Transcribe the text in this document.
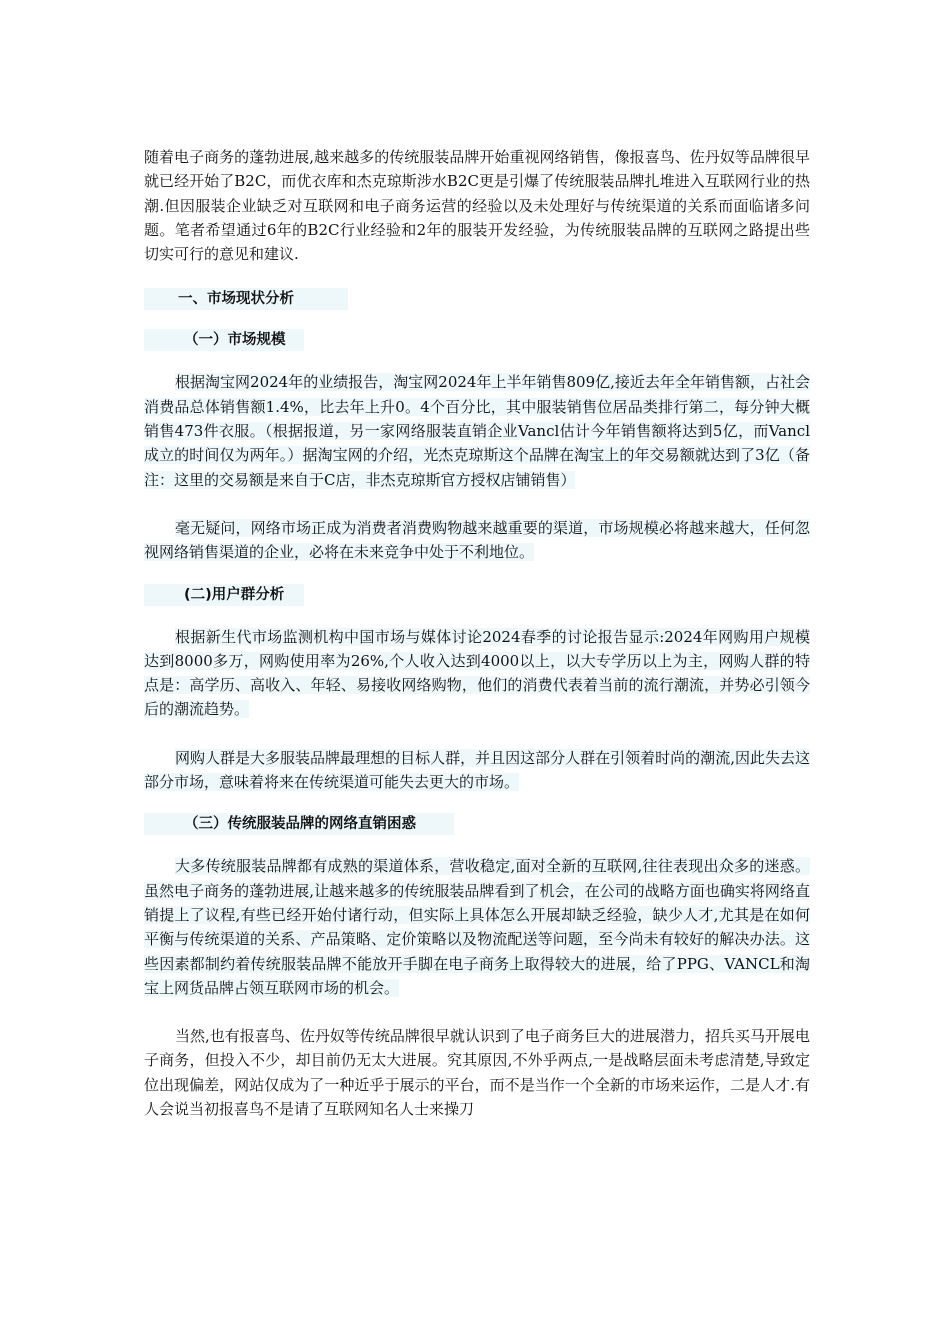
随着电子商务的蓬勃进展,越来越多的传统服装品牌开始重视网络销售，像报喜鸟、佐丹奴等品牌很早就已经开始了B2C，而优衣库和杰克琼斯涉水B2C更是引爆了传统服装品牌扎堆进入互联网行业的热潮.但因服装企业缺乏对互联网和电子商务运营的经验以及未处理好与传统渠道的关系而面临诸多问题。笔者希望通过6年的B2C行业经验和2年的服装开发经验，为传统服装品牌的互联网之路提出些切实可行的意见和建议.

一、市场现状分析

（一）市场规模

根据淘宝网2024年的业绩报告，淘宝网2024年上半年销售809亿,接近去年全年销售额，占社会消费品总体销售额1.4%，比去年上升0。4个百分比，其中服装销售位居品类排行第二，每分钟大概销售473件衣服。（根据报道，另一家网络服装直销企业Vancl估计今年销售额将达到5亿，而Vancl成立的时间仅为两年。）据淘宝网的介绍，光杰克琼斯这个品牌在淘宝上的年交易额就达到了3亿（备注：这里的交易额是来自于C店，非杰克琼斯官方授权店铺销售）

毫无疑问，网络市场正成为消费者消费购物越来越重要的渠道，市场规模必将越来越大，任何忽视网络销售渠道的企业，必将在未来竞争中处于不利地位。

(二)用户群分析

根据新生代市场监测机构中国市场与媒体讨论2024春季的讨论报告显示:2024年网购用户规模达到8000多万，网购使用率为26%,个人收入达到4000以上，以大专学历以上为主，网购人群的特点是：高学历、高收入、年轻、易接收网络购物，他们的消费代表着当前的流行潮流，并势必引领今后的潮流趋势。

网购人群是大多服装品牌最理想的目标人群，并且因这部分人群在引领着时尚的潮流,因此失去这部分市场，意味着将来在传统渠道可能失去更大的市场。

（三）传统服装品牌的网络直销困惑

大多传统服装品牌都有成熟的渠道体系，营收稳定,面对全新的互联网,往往表现出众多的迷惑。虽然电子商务的蓬勃进展,让越来越多的传统服装品牌看到了机会，在公司的战略方面也确实将网络直销提上了议程,有些已经开始付诸行动，但实际上具体怎么开展却缺乏经验，缺少人才,尤其是在如何平衡与传统渠道的关系、产品策略、定价策略以及物流配送等问题，至今尚未有较好的解决办法。这些因素都制约着传统服装品牌不能放开手脚在电子商务上取得较大的进展，给了PPG、VANCL和淘宝上网货品牌占领互联网市场的机会。

当然,也有报喜鸟、佐丹奴等传统品牌很早就认识到了电子商务巨大的进展潜力，招兵买马开展电子商务，但投入不少，却目前仍无太大进展。究其原因,不外乎两点,一是战略层面未考虑清楚,导致定位出现偏差，网站仅成为了一种近乎于展示的平台，而不是当作一个全新的市场来运作，二是人才.有人会说当初报喜鸟不是请了互联网知名人士来操刀
